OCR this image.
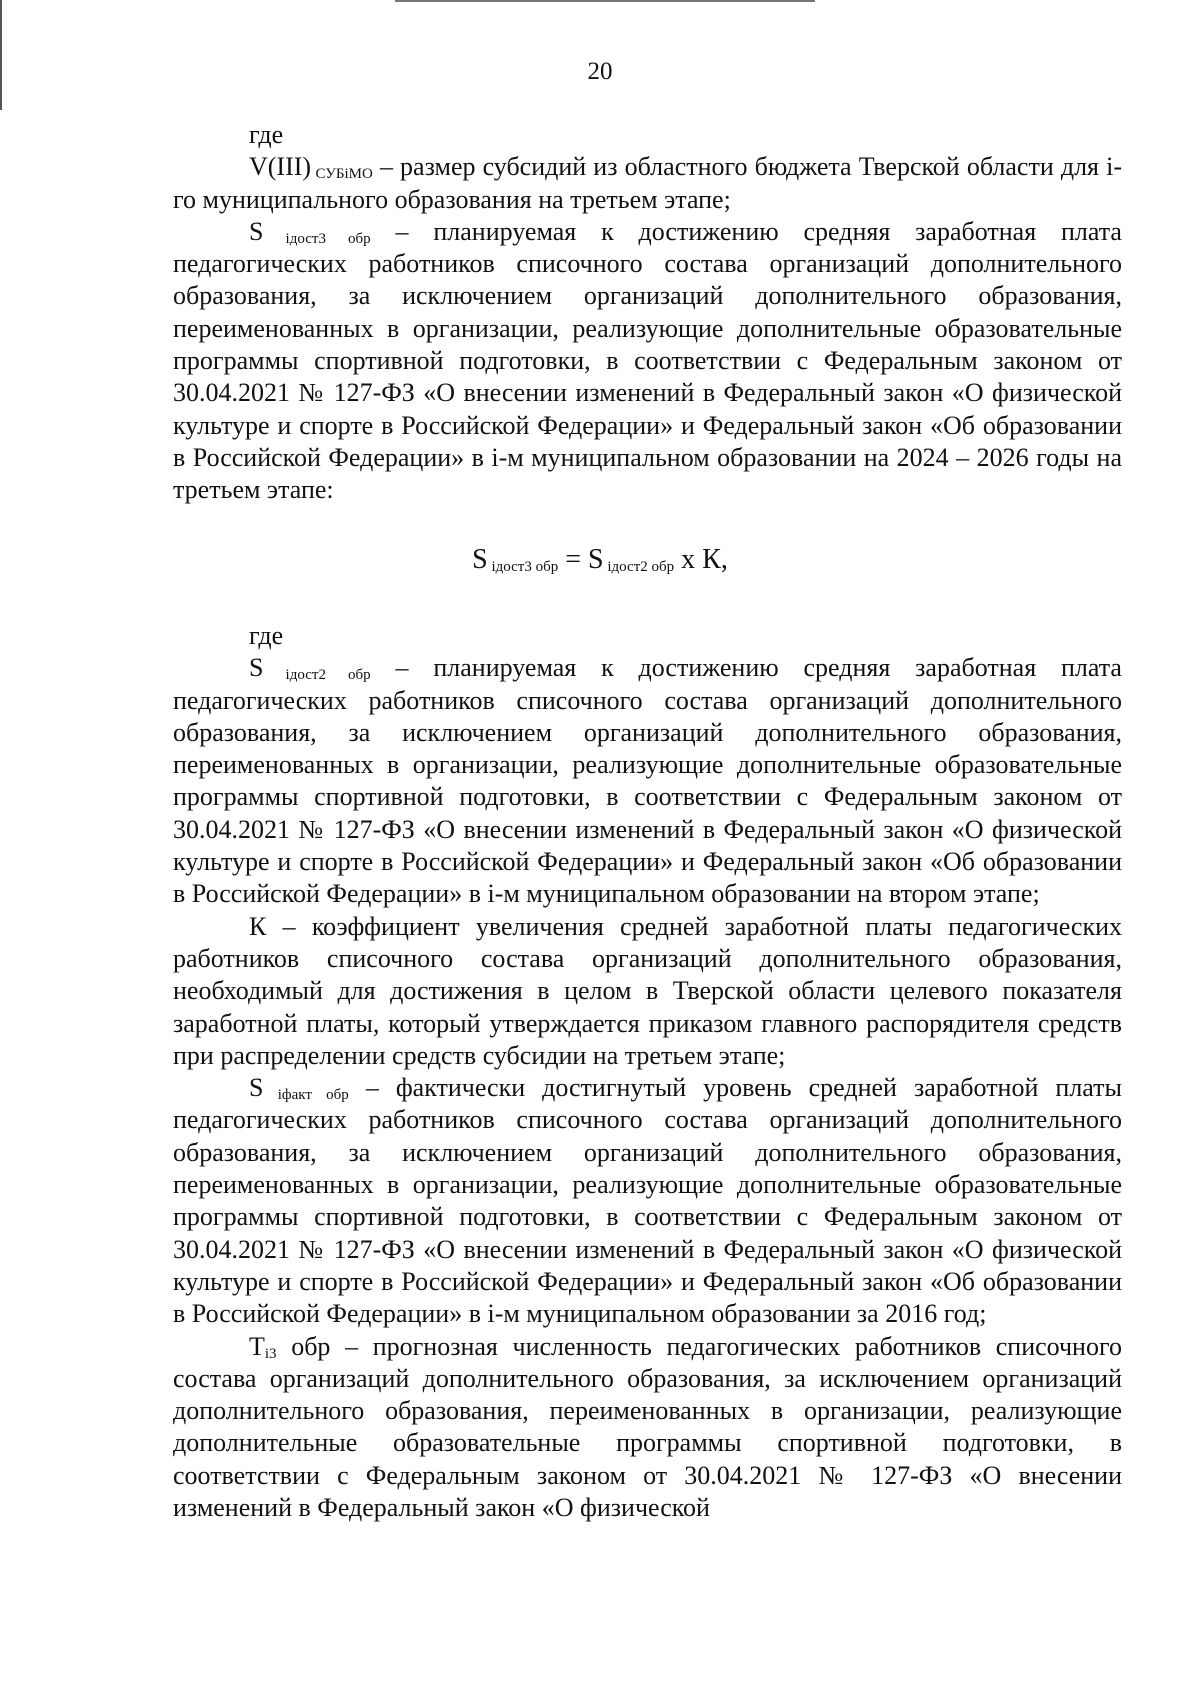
20

где

V(III) $_{СУБiМО}$ – размер субсидий из областного бюджета Тверской области для i-го муниципального образования на третьем этапе;

S $_{iдост3 обр}$ – планируемая к достижению средняя заработная плата педагогических работников списочного состава организаций дополнительного образования, за исключением организаций дополнительного образования, переименованных в организации, реализующие дополнительные образовательные программы спортивной подготовки, в соответствии с Федеральным законом от 30.04.2021 № 127-ФЗ «О внесении изменений в Федеральный закон «О физической культуре и спорте в Российской Федерации» и Федеральный закон «Об образовании в Российской Федерации» в i-м муниципальном образовании на 2024 – 2026 годы на третьем этапе:

S $_{iдост3 обр}$ = S $_{iдост2 обр}$ х К,

где

S $_{iдост2 обр}$ – планируемая к достижению средняя заработная плата педагогических работников списочного состава организаций дополнительного образования, за исключением организаций дополнительного образования, переименованных в организации, реализующие дополнительные образовательные программы спортивной подготовки, в соответствии с Федеральным законом от 30.04.2021 № 127-ФЗ «О внесении изменений в Федеральный закон «О физической культуре и спорте в Российской Федерации» и Федеральный закон «Об образовании в Российской Федерации» в i-м муниципальном образовании на втором этапе;

К – коэффициент увеличения средней заработной платы педагогических работников списочного состава организаций дополнительного образования, необходимый для достижения в целом в Тверской области целевого показателя заработной платы, который утверждается приказом главного распорядителя средств при распределении средств субсидии на третьем этапе;

S $_{iфакт обр}$ – фактически достигнутый уровень средней заработной платы педагогических работников списочного состава организаций дополнительного образования, за исключением организаций дополнительного образования, переименованных в организации, реализующие дополнительные образовательные программы спортивной подготовки, в соответствии с Федеральным законом от 30.04.2021 № 127-ФЗ «О внесении изменений в Федеральный закон «О физической культуре и спорте в Российской Федерации» и Федеральный закон «Об образовании в Российской Федерации» в i-м муниципальном образовании за 2016 год;

$Т_{i3}$ обр – прогнозная численность педагогических работников списочного состава организаций дополнительного образования, за исключением организаций дополнительного образования, переименованных в организации, реализующие дополнительные образовательные программы спортивной подготовки, в соответствии с Федеральным законом от 30.04.2021 № 127-ФЗ «О внесении изменений в Федеральный закон «О физической
